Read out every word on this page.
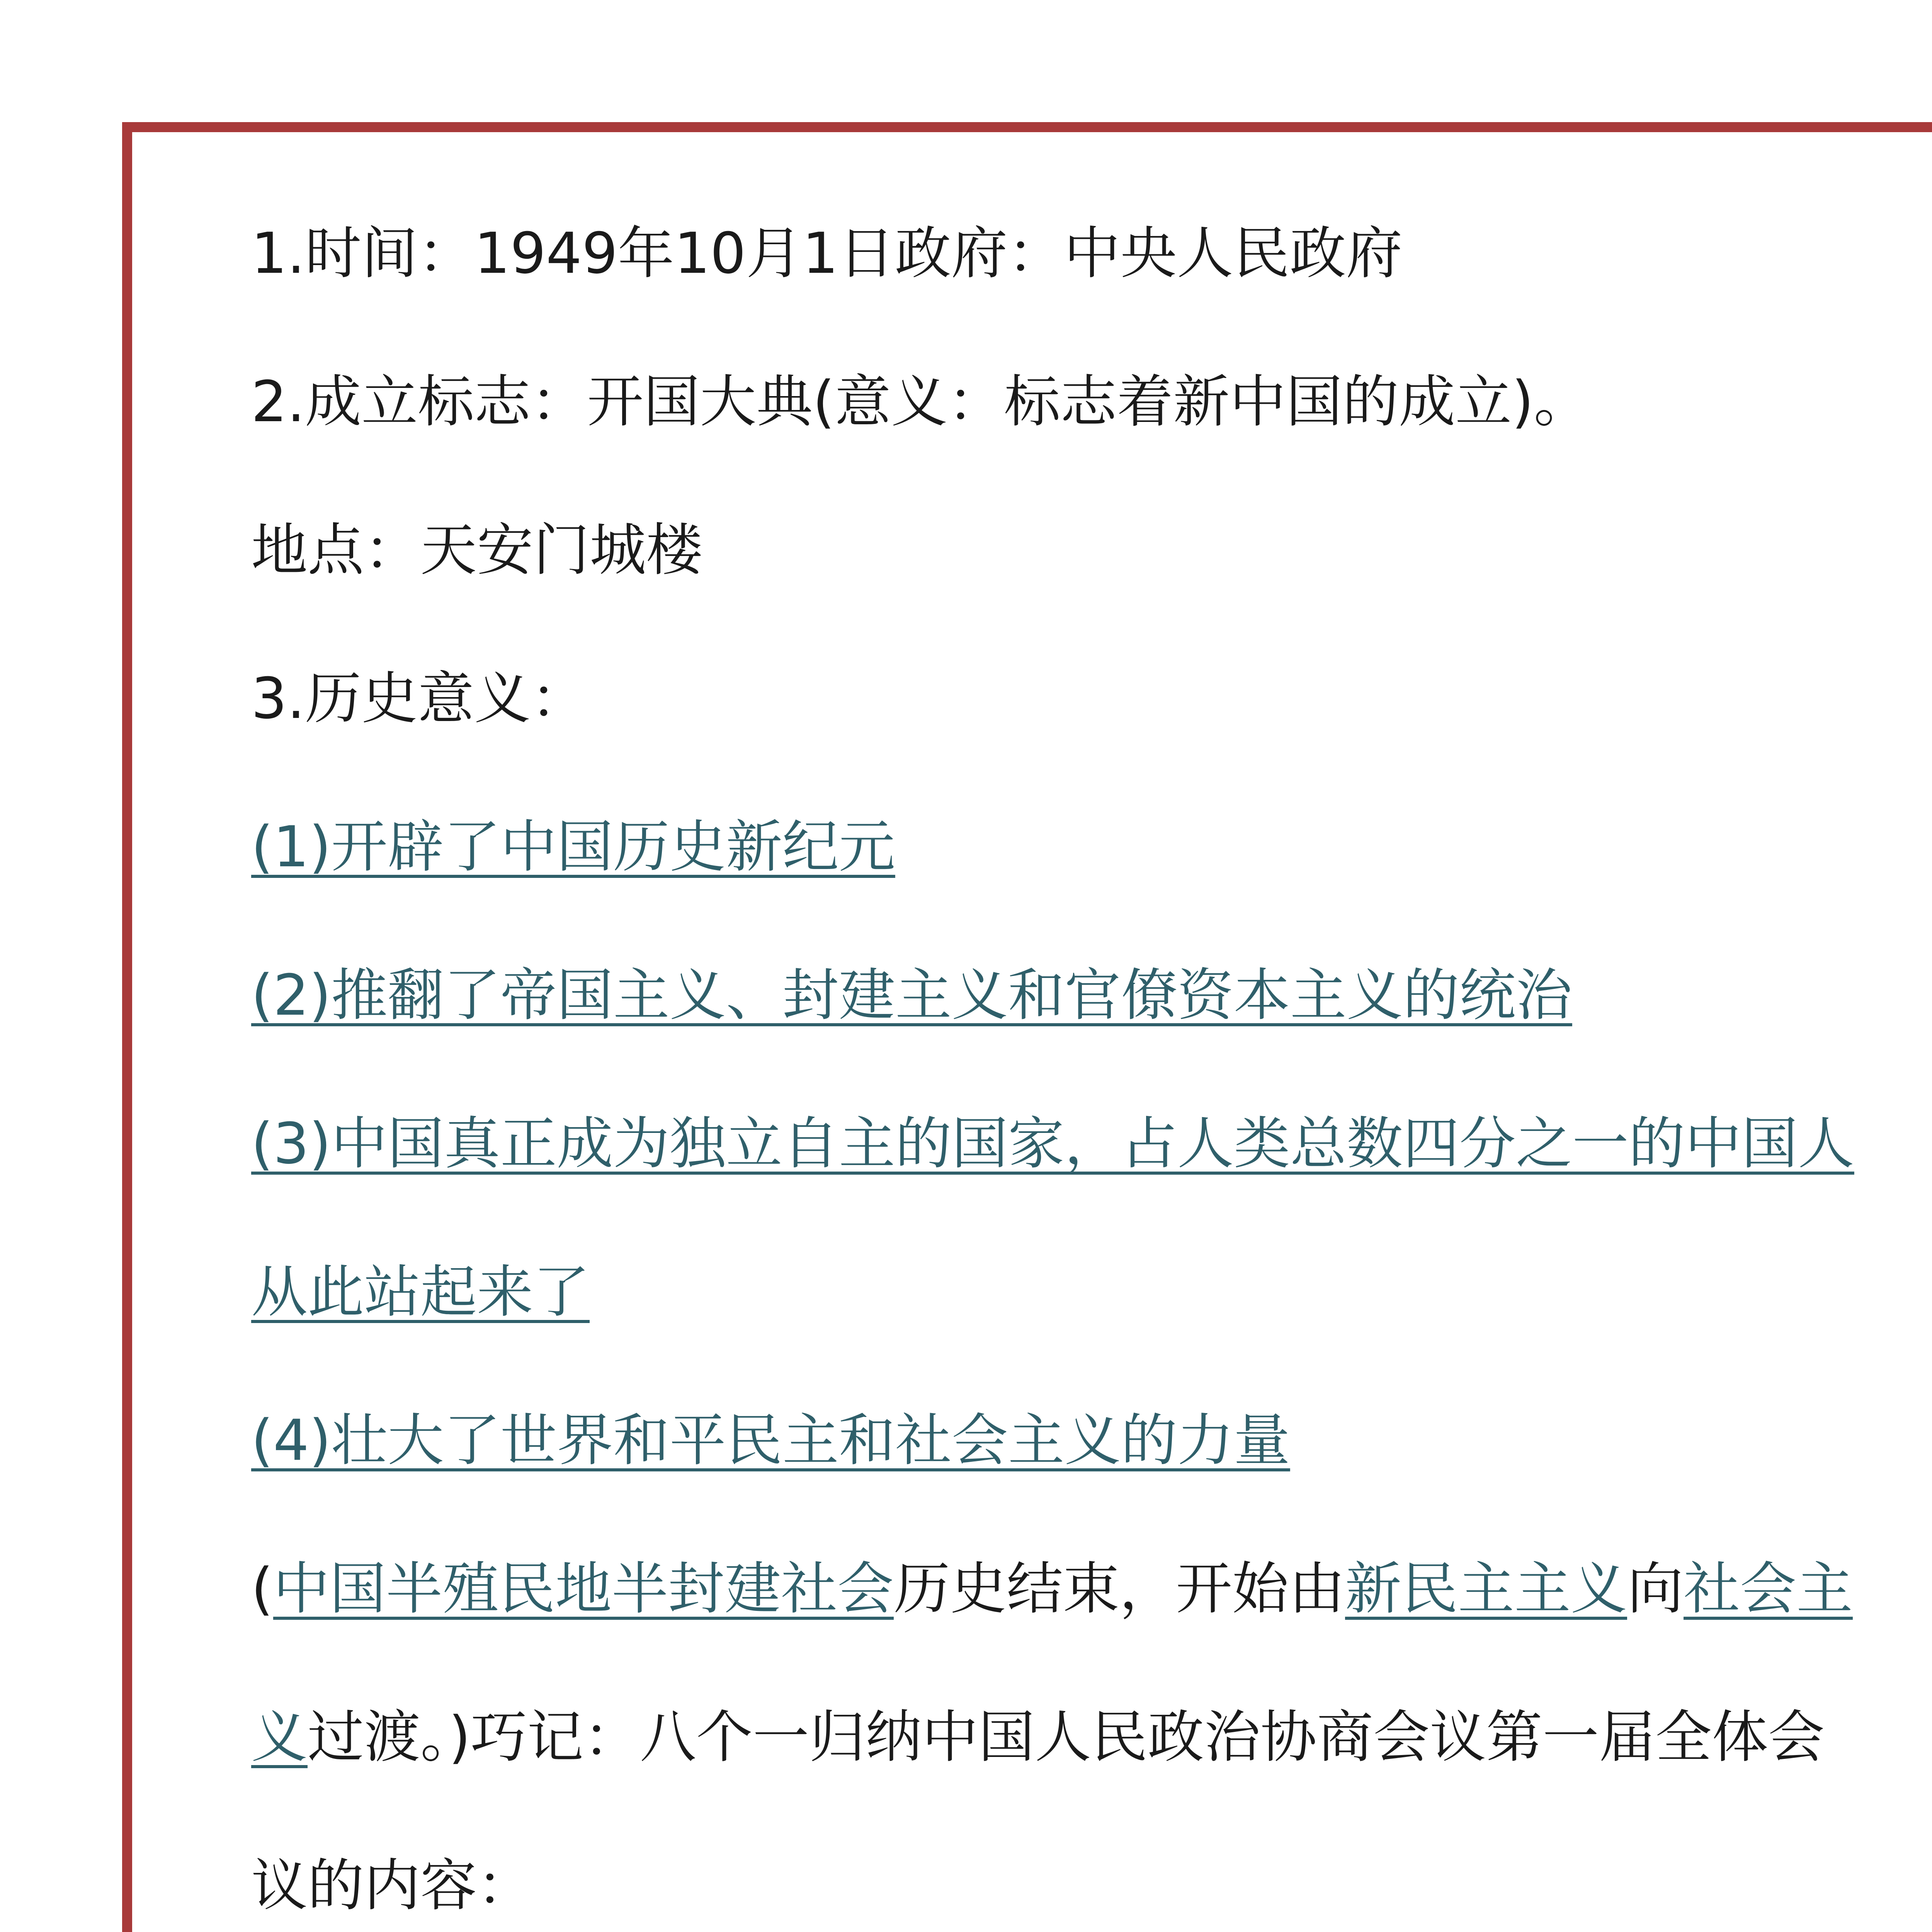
1.时间：1949年10月1日政府：中央人民政府
2.成立标志：开国大典(意义：标志着新中国的成立)。
地点：天安门城楼
3.历史意义：
(1)开辟了中国历史新纪元
(2)推翻了帝国主义、封建主义和官僚资本主义的统治
(3)中国真正成为独立自主的国家，占人类总数四分之一的中国人
从此站起来了
(4)壮大了世界和平民主和社会主义的力量
(中国半殖民地半封建社会历史结束，开始由新民主主义向社会主
义过渡。)巧记：八个一归纳中国人民政治协商会议第一届全体会
议的内容：
